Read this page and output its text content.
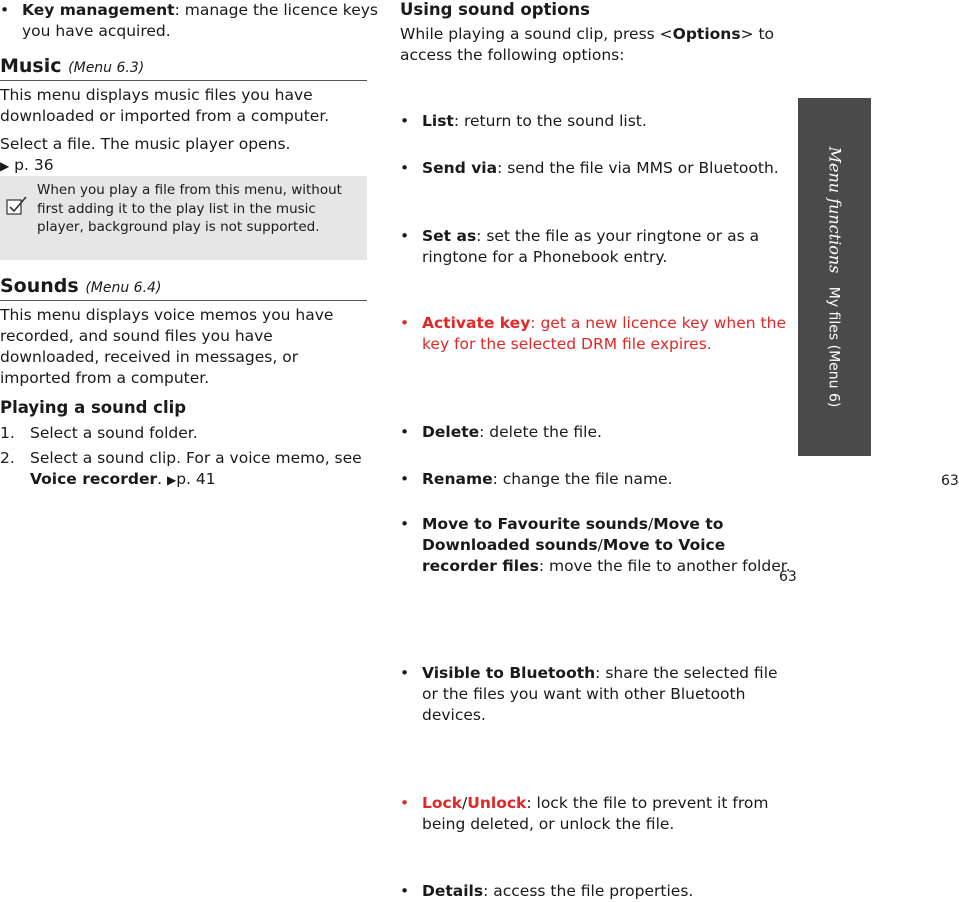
• Key management: manage the licence keys you have acquired.
Music (Menu 6.3)

This menu displays music files you have downloaded or imported from a computer.

Select a file. The music player opens.
▶ p. 36

When you play a file from this menu, without first adding it to the play list in the music player, background play is not supported.

Sounds (Menu 6.4)

This menu displays voice memos you have recorded, and sound files you have downloaded, received in messages, or imported from a computer.

Playing a sound clip

1. Select a sound folder.
2. Select a sound clip. For a voice memo, see Voice recorder. ▶p. 41

Using sound options

While playing a sound clip, press <Options> to access the following options:

• List: return to the sound list.
• Send via: send the file via MMS or Bluetooth.
• Set as: set the file as your ringtone or as a ringtone for a Phonebook entry.
• Activate key: get a new licence key when the key for the selected DRM file expires.
• Delete: delete the file.
• Rename: change the file name.
• Move to Favourite sounds/Move to Downloaded sounds/Move to Voice recorder files: move the file to another folder.
• Visible to Bluetooth: share the selected file or the files you want with other Bluetooth devices.
• Lock/Unlock: lock the file to prevent it from being deleted, or unlock the file.
• Details: access the file properties.
Menu functions   My files (Menu 6)
63
63
